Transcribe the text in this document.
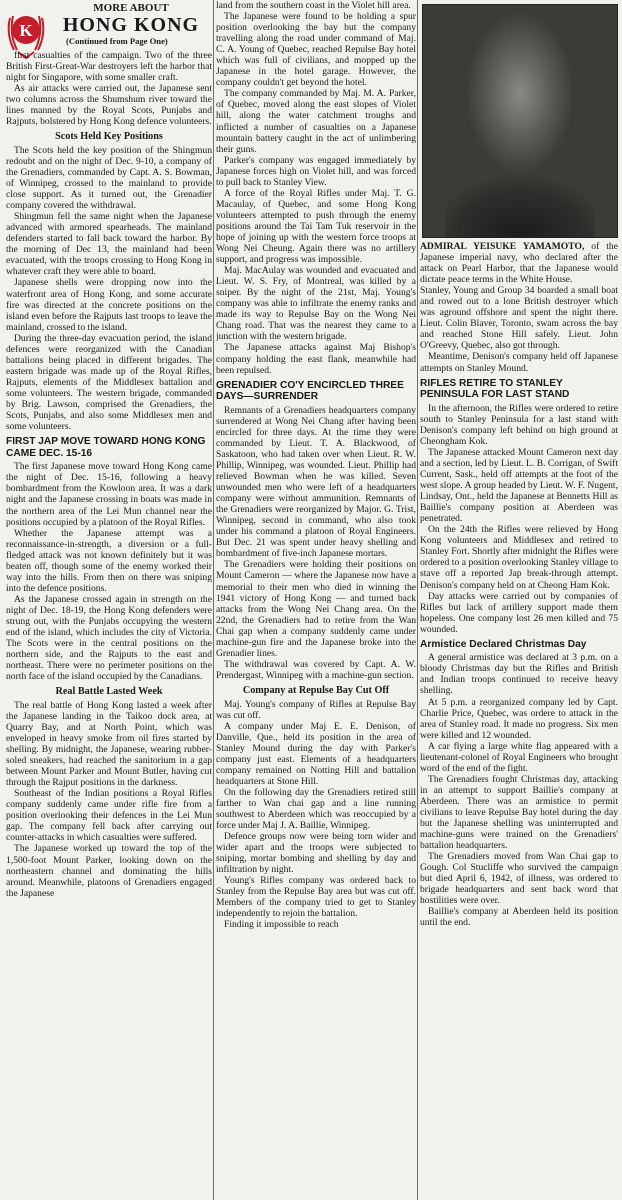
K
MORE ABOUT
HONG KONG
(Continued from Page One)

first casualties of the campaign. Two of the three British First-Great-War destroyers left the harbor that night for Singapore, with some smaller craft.

As air attacks were carried out, the Japanese sent two columns across the Shumshum river toward the lines manned by the Royal Scots, Punjabs and Rajputs, bolstered by Hong Kong defence volunteers.

Scots Held Key Positions

The Scots held the key position of the Shingmun redoubt and on the night of Dec. 9-10, a company of the Grenadiers, commanded by Capt. A. S. Bowman, of Winnipeg, crossed to the mainland to provide close support. As it turned out, the Grenadier company covered the withdrawal.

Shingmun fell the same night when the Japanese advanced with armored spearheads. The mainland defenders started to fall back toward the harbor. By the morning of Dec 13, the mainland had been evacuated, with the troops crossing to Hong Kong in whatever craft they were able to board.

Japanese shells were dropping now into the waterfront area of Hong Kong, and some accurate fire was directed at the concrete positions on the island even before the Rajputs last troops to leave the mainland, crossed to the island.

During the three-day evacuation period, the island defences were reorganized with the Canadian battalions being placed in different brigades. The eastern brigade was made up of the Royal Rifles, Rajputs, elements of the Middlesex battalion and some volunteers. The western brigade, commanded by Brig. Lawson, comprised the Grenadiers, the Scots, Punjabs, and also some Middlesex men and some volunteers.

FIRST JAP MOVE TOWARD HONG KONG CAME DEC. 15-16

The first Japanese move toward Hong Kong came the night of Dec. 15-16, following a heavy bombardment from the Kowloon area. It was a dark night and the Japanese crossing in boats was made in the northern area of the Lei Mun channel near the positions occupied by a platoon of the Royal Rifles.

Whether the Japanese attempt was a reconnaissance-in-strength, a diversion or a full-fledged attack was not known definitely but it was beaten off, though some of the enemy worked their way into the hills. From then on there was sniping into the defence positions.

As the Japanese crossed again in strength on the night of Dec. 18-19, the Hong Kong defenders were strung out, with the Punjabs occupying the western end of the island, which includes the city of Victoria. The Scots were in the central positions on the northern side, and the Rajputs to the east and northeast. There were no perimeter positions on the north face of the island occupied by the Canadians.

Real Battle Lasted Week

The real battle of Hong Kong lasted a week after the Japanese landing in the Taikoo dock area, at Quarry Bay, and at North Point, which was enveloped in heavy smoke from oil fires started by shelling. By midnight, the Japanese, wearing rubber-soled sneakers, had reached the sanitorium in a gap between Mount Parker and Mount Butler, having cut through the Rajput positions in the darkness.

Southeast of the Indian positions a Royal Rifles company suddenly came under rifle fire from a position overlooking their defences in the Lei Mun gap. The company fell back after carrying out counter-attacks in which casualties were suffered.

The Japanese worked up toward the top of the 1,500-foot Mount Parker, looking down on the northeastern channel and dominating the hills around. Meanwhile, platoons of Grenadiers engaged the Japanese

land from the southern coast in the Violet hill area.

The Japanese were found to be holding a spur position overlooking the bay but the company travelling along the road under command of Maj. C. A. Young of Quebec, reached Repulse Bay hotel which was full of civilians, and mopped up the Japanese in the hotel garage. However, the company couldn't get beyond the hotel.

The company commanded by Maj. M. A. Parker, of Quebec, moved along the east slopes of Violet hill, along the water catchment troughs and inflicted a number of casualties on a Japanese mountain battery caught in the act of unlimbering their guns.

Parker's company was engaged immediately by Japanese forces high on Violet hill, and was forced to pull back to Stanley View.

A force of the Royal Rifles under Maj. T. G. Macaulay, of Quebec, and some Hong Kong volunteers attempted to push through the enemy positions around the Tai Tam Tuk reservoir in the hope of joining up with the western force troops at Wong Nei Cheung. Again there was no artillery support, and progress was impossible.

Maj. MacAulay was wounded and evacuated and Lieut. W. S. Fry, of Montreal, was killed by a sniper. By the night of the 21st, Maj. Young's company was able to infiltrate the enemy ranks and made its way to Repulse Bay on the Wong Nei Chang road. That was the nearest they came to a junction with the western brigade.

The Japanese attacks against Maj Bishop's company holding the east flank, meanwhile had been repulsed.

GRENADIER CO'Y ENCIRCLED THREE DAYS—SURRENDER

Remnants of a Grenadiers headquarters company surrendered at Wong Nei Chang after having been encircled for three days. At the time they were commanded by Lieut. T. A. Blackwood, of Saskatoon, who had taken over when Lieut. R. W. Phillip, Winnipeg, was wounded. Lieut. Phillip had relieved Bowman when he was killed. Seven unwounded men who were left of a headquarters company were without ammunition. Remnants of the Grenadiers were reorganized by Major. G. Trist, Winnipeg, second in command, who also took under his command a platoon of Royal Engineers. But Dec. 21 was spent under heavy shelling and bombardment of five-inch Japanese mortars.

The Grenadiers were holding their positions on Mount Cameron — where the Japanese now have a memorial to their men who died in winning the 1941 victory of Hong Kong — and turned back attacks from the Wong Nei Chang area. On the 22nd, the Grenadiers had to retire from the Wan Chai gap when a company suddenly came under machine-gun fire and the Japanese broke into the Grenadier lines.

The withdrawal was covered by Capt. A. W. Prendergast, Winnipeg with a machine-gun section.

Company at Repulse Bay Cut Off

Maj. Young's company of Rifles at Repulse Bay was cut off.

A company under Maj E. E. Denison, of Danville, Que., held its position in the area of Stanley Mound during the day with Parker's company just east. Elements of a headquarters company remained on Notting Hill and battalion headquarters at Stone Hill.

On the following day the Grenadiers retired still farther to Wan chai gap and a line running southwest to Aberdeen which was reoccupied by a force under Maj J. A. Baillie, Winnipeg.

Defence groups now were being torn wider and wider apart and the troops were subjected to sniping, mortar bombing and shelling by day and infiltration by night.

Young's Rifles company was ordered back to Stanley from the Repulse Bay area but was cut off. Members of the company tried to get to Stanley independently to rejoin the battalion.

Finding it impossible to reach

ADMIRAL YEISUKE YAMAMOTO, of the Japanese imperial navy, who declared after the attack on Pearl Harbor, that the Japanese would dictate peace terms in the White House.

Stanley, Young and Group 34 boarded a small boat and rowed out to a lone British destroyer which was aground offshore and spent the night there. Lieut. Colin Blaver, Toronto, swam across the bay and reached Stone Hill safely. Lieut. John O'Greevy, Quebec, also got through.

Meantime, Denison's company held off Japanese attempts on Stanley Mound.

RIFLES RETIRE TO STANLEY PENINSULA FOR LAST STAND

In the afternoon, the Rifles were ordered to retire south to Stanley Peninsula for a last stand with Denison's company left behind on high ground at Cheongham Kok.

The Japanese attacked Mount Cameron next day and a section, led by Lieut. L. B. Corrigan, of Swift Current, Sask., held off attempts at the foot of the west slope. A group headed by Lieut. W. F. Nugent, Lindsay, Ont., held the Japanese at Bennetts Hill as Baillie's company position at Aberdeen was penetrated.

On the 24th the Rifles were relieved by Hong Kong volunteers and Middlesex and retired to Stanley Fort. Shortly after midnight the Rifles were ordered to a position overlooking Stanley village to stave off a reported Jap break-through attempt. Denison's company held on at Cheong Ham Kok.

Day attacks were carried out by companies of Rifles but lack of artillery support made them hopeless. One company lost 26 men killed and 75 wounded.

Armistice Declared Christmas Day

A general armistice was declared at 3 p.m. on a bloody Christmas day but the Rifles and British and Indian troops continued to receive heavy shelling.

At 5 p.m. a reorganized company led by Capt. Charlie Price, Quebec, was ordere to attack in the area of Stanley road. It made no progress. Six men were killed and 12 wounded.

A car flying a large white flag appeared with a lieutenant-colonel of Royal Engineers who brought word of the end of the fight.

The Grenadiers fought Christmas day, attacking in an attempt to support Baillie's company at Aberdeen. There was an armistice to permit civilians to leave Repulse Bay hotel during the day but the Japanese shelling was uninterrupted and machine-guns were trained on the Grenadiers' battalion headquarters.

The Grenadiers moved from Wan Chai gap to Gough. Col Stucliffe who survived the campaign but died April 6, 1942, of illness, was ordered to brigade headquarters and sent back word that hostilities were over.

Baillie's company at Aberdeen held its position until the end.
